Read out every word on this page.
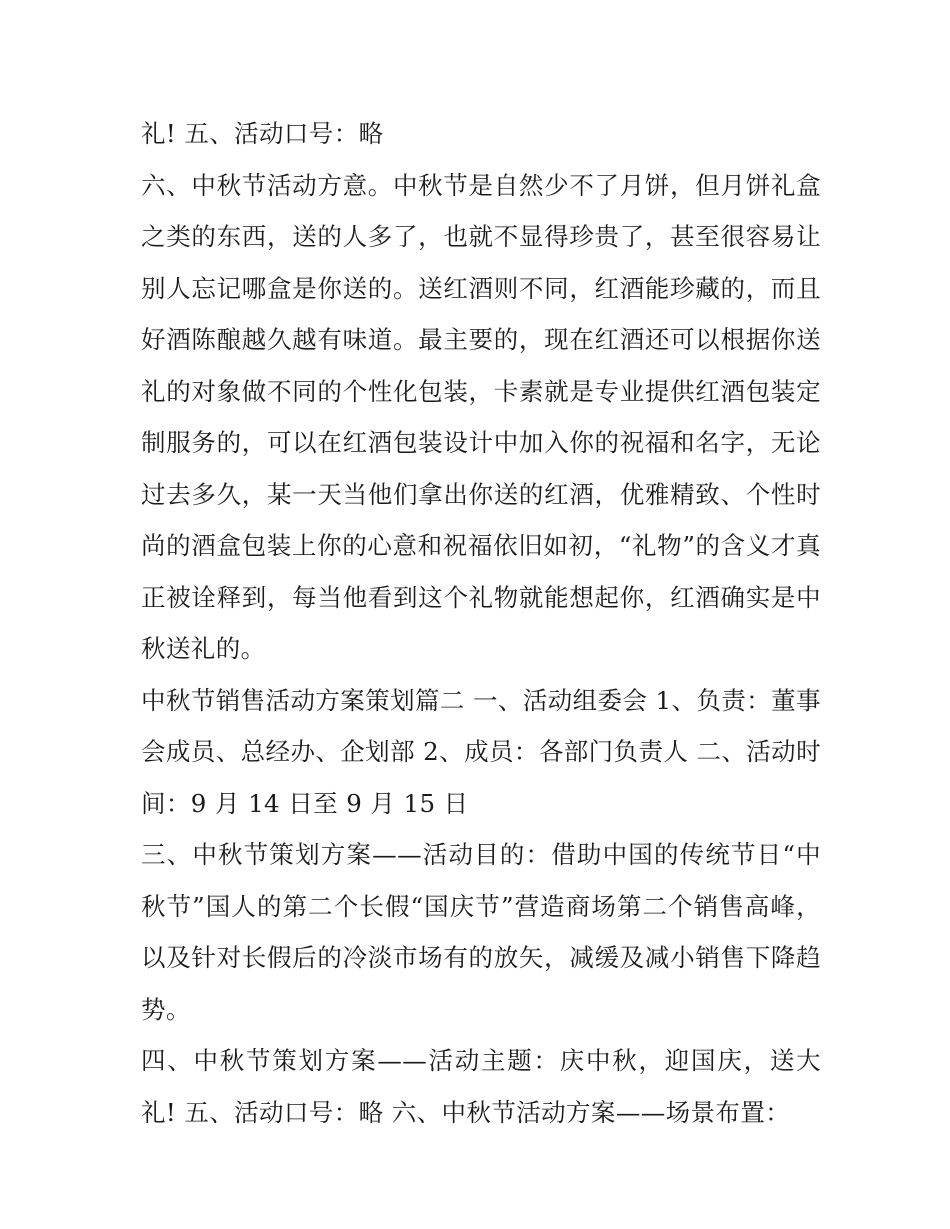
礼! 五、活动口号：略

六、中秋节活动方意。中秋节是自然少不了月饼，但月饼礼盒之类的东西，送的人多了，也就不显得珍贵了，甚至很容易让别人忘记哪盒是你送的。送红酒则不同，红酒能珍藏的，而且好酒陈酿越久越有味道。最主要的，现在红酒还可以根据你送礼的对象做不同的个性化包装，卡素就是专业提供红酒包装定制服务的，可以在红酒包装设计中加入你的祝福和名字，无论过去多久，某一天当他们拿出你送的红酒，优雅精致、个性时尚的酒盒包装上你的心意和祝福依旧如初，“礼物”的含义才真正被诠释到，每当他看到这个礼物就能想起你，红酒确实是中秋送礼的。

中秋节销售活动方案策划篇二 一、活动组委会 1、负责：董事会成员、总经办、企划部 2、成员：各部门负责人 二、活动时间：9 月 14 日至 9 月 15 日

三、中秋节策划方案——活动目的：借助中国的传统节日“中秋节”国人的第二个长假“国庆节”营造商场第二个销售高峰，以及针对长假后的冷淡市场有的放矢，减缓及减小销售下降趋势。

四、中秋节策划方案——活动主题：庆中秋，迎国庆，送大礼! 五、活动口号：略 六、中秋节活动方案——场景布置：
